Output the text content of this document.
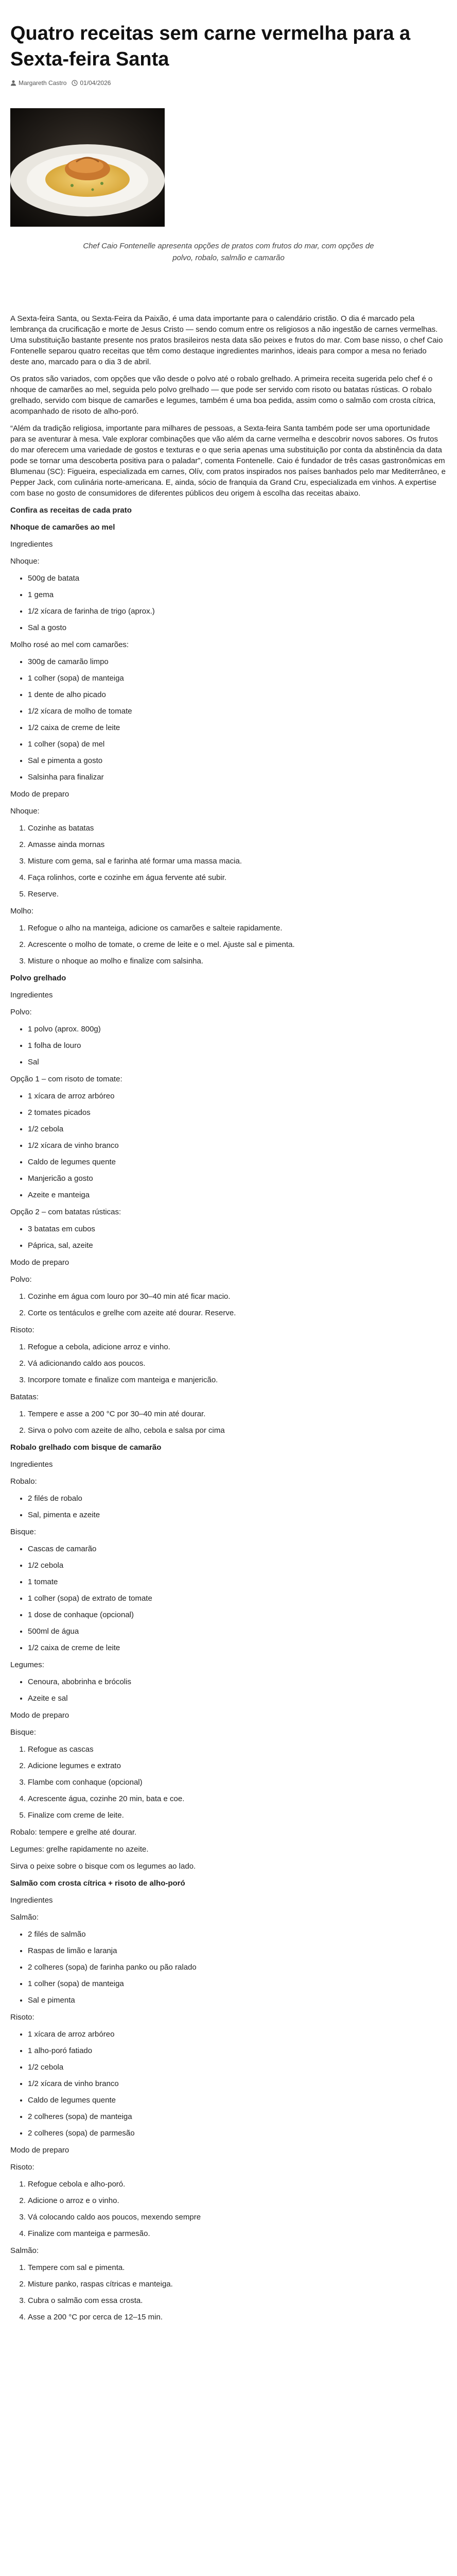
Quatro receitas sem carne vermelha para a Sexta-feira Santa
Margareth Castro 01/04/2026
Chef Caio Fontenelle apresenta opções de pratos com frutos do mar, com opções de polvo, robalo, salmão e camarão

A Sexta-feira Santa, ou Sexta-Feira da Paixão, é uma data importante para o calendário cristão. O dia é marcado pela lembrança da crucificação e morte de Jesus Cristo — sendo comum entre os religiosos a não ingestão de carnes vermelhas. Uma substituição bastante presente nos pratos brasileiros nesta data são peixes e frutos do mar. Com base nisso, o chef Caio Fontenelle separou quatro receitas que têm como destaque ingredientes marinhos, ideais para compor a mesa no feriado deste ano, marcado para o dia 3 de abril.

Os pratos são variados, com opções que vão desde o polvo até o robalo grelhado. A primeira receita sugerida pelo chef é o nhoque de camarões ao mel, seguida pelo polvo grelhado — que pode ser servido com risoto ou batatas rústicas. O robalo grelhado, servido com bisque de camarões e legumes, também é uma boa pedida, assim como o salmão com crosta cítrica, acompanhado de risoto de alho-poró.

“Além da tradição religiosa, importante para milhares de pessoas, a Sexta-feira Santa também pode ser uma oportunidade para se aventurar à mesa. Vale explorar combinações que vão além da carne vermelha e descobrir novos sabores. Os frutos do mar oferecem uma variedade de gostos e texturas e o que seria apenas uma substituição por conta da abstinência da data pode se tornar uma descoberta positiva para o paladar”, comenta Fontenelle. Caio é fundador de três casas gastronômicas em Blumenau (SC): Figueira, especializada em carnes, Olív, com pratos inspirados nos países banhados pelo mar Mediterrâneo, e Pepper Jack, com culinária norte-americana. E, ainda, sócio de franquia da Grand Cru, especializada em vinhos. A expertise com base no gosto de consumidores de diferentes públicos deu origem à escolha das receitas abaixo.

Confira as receitas de cada prato

Nhoque de camarões ao mel

Ingredientes

Nhoque:

• 500g de batata
• 1 gema
• 1/2 xícara de farinha de trigo (aprox.)
• Sal a gosto

Molho rosé ao mel com camarões:

• 300g de camarão limpo
• 1 colher (sopa) de manteiga
• 1 dente de alho picado
• 1/2 xícara de molho de tomate
• 1/2 caixa de creme de leite
• 1 colher (sopa) de mel
• Sal e pimenta a gosto
• Salsinha para finalizar

Modo de preparo

Nhoque:

1. Cozinhe as batatas
2. Amasse ainda mornas
3. Misture com gema, sal e farinha até formar uma massa macia.
4. Faça rolinhos, corte e cozinhe em água fervente até subir.
5. Reserve.

Molho:

1. Refogue o alho na manteiga, adicione os camarões e salteie rapidamente.
2. Acrescente o molho de tomate, o creme de leite e o mel. Ajuste sal e pimenta.
3. Misture o nhoque ao molho e finalize com salsinha.

Polvo grelhado

Ingredientes

Polvo:

• 1 polvo (aprox. 800g)
• 1 folha de louro
• Sal

Opção 1 – com risoto de tomate:

• 1 xícara de arroz arbóreo
• 2 tomates picados
• 1/2 cebola
• 1/2 xícara de vinho branco
• Caldo de legumes quente
• Manjericão a gosto
• Azeite e manteiga

Opção 2 – com batatas rústicas:

• 3 batatas em cubos
• Páprica, sal, azeite

Modo de preparo

Polvo:

1. Cozinhe em água com louro por 30–40 min até ficar macio.
2. Corte os tentáculos e grelhe com azeite até dourar. Reserve.

Risoto:

1. Refogue a cebola, adicione arroz e vinho.
2. Vá adicionando caldo aos poucos.
3. Incorpore tomate e finalize com manteiga e manjericão.

Batatas:

1. Tempere e asse a 200 °C por 30–40 min até dourar.
2. Sirva o polvo com azeite de alho, cebola e salsa por cima

Robalo grelhado com bisque de camarão

Ingredientes

Robalo:

• 2 filés de robalo
• Sal, pimenta e azeite

Bisque:

• Cascas de camarão
• 1/2 cebola
• 1 tomate
• 1 colher (sopa) de extrato de tomate
• 1 dose de conhaque (opcional)
• 500ml de água
• 1/2 caixa de creme de leite

Legumes:

• Cenoura, abobrinha e brócolis
• Azeite e sal

Modo de preparo

Bisque:

1. Refogue as cascas
2. Adicione legumes e extrato
3. Flambe com conhaque (opcional)
4. Acrescente água, cozinhe 20 min, bata e coe.
5. Finalize com creme de leite.

Robalo: tempere e grelhe até dourar.

Legumes: grelhe rapidamente no azeite.

Sirva o peixe sobre o bisque com os legumes ao lado.

Salmão com crosta cítrica + risoto de alho-poró

Ingredientes

Salmão:

• 2 filés de salmão
• Raspas de limão e laranja
• 2 colheres (sopa) de farinha panko ou pão ralado
• 1 colher (sopa) de manteiga
• Sal e pimenta

Risoto:

• 1 xícara de arroz arbóreo
• 1 alho-poró fatiado
• 1/2 cebola
• 1/2 xícara de vinho branco
• Caldo de legumes quente
• 2 colheres (sopa) de manteiga
• 2 colheres (sopa) de parmesão

Modo de preparo

Risoto:

1. Refogue cebola e alho-poró.
2. Adicione o arroz e o vinho.
3. Vá colocando caldo aos poucos, mexendo sempre
4. Finalize com manteiga e parmesão.

Salmão:

1. Tempere com sal e pimenta.
2. Misture panko, raspas cítricas e manteiga.
3. Cubra o salmão com essa crosta.
4. Asse a 200 °C por cerca de 12–15 min.
